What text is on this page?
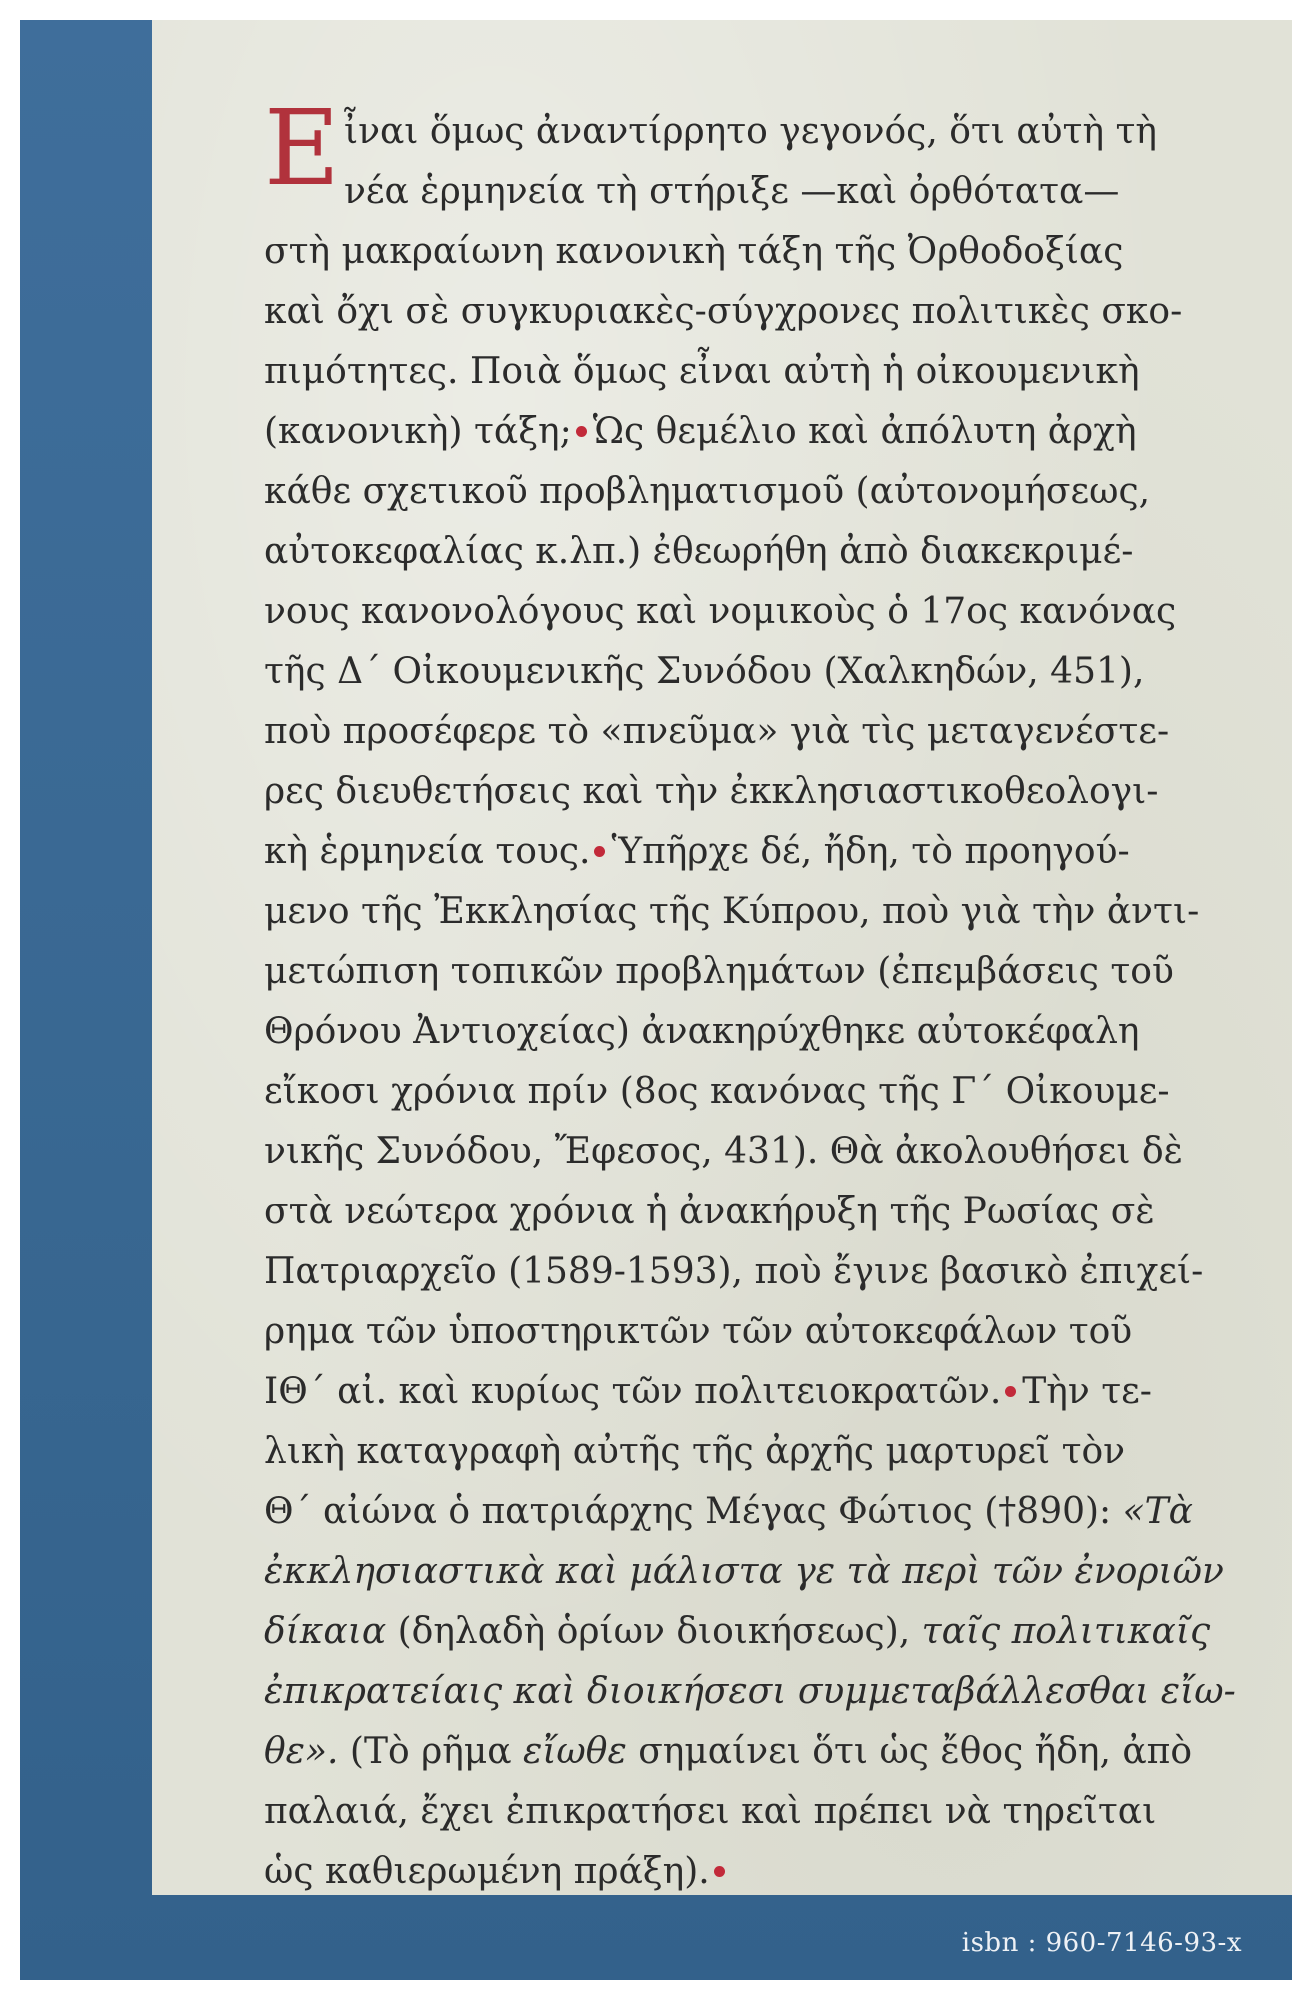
E ἶναι ὅμως ἀναντίρρητο γεγονός, ὅτι αὐτὴ τὴ
νέα ἑρμηνεία τὴ στήριξε —καὶ ὀρθότατα—
στὴ μακραίωνη κανονικὴ τάξη τῆς Ὀρθοδοξίας
καὶ ὄχι σὲ συγκυριακὲς-σύγχρονες πολιτικὲς σκο-
πιμότητες. Ποιὰ ὅμως εἶναι αὐτὴ ἡ οἰκουμενικὴ
(κανονικὴ) τάξη; Ὡς θεμέλιο καὶ ἀπόλυτη ἀρχὴ
κάθε σχετικοῦ προβληματισμοῦ (αὐτονομήσεως,
αὐτοκεφαλίας κ.λπ.) ἐθεωρήθη ἀπὸ διακεκριμέ-
νους κανονολόγους καὶ νομικοὺς ὁ 17ος κανόνας
τῆς Δ΄ Οἰκουμενικῆς Συνόδου (Χαλκηδών, 451),
ποὺ προσέφερε τὸ «πνεῦμα» γιὰ τὶς μεταγενέστε-
ρες διευθετήσεις καὶ τὴν ἐκκλησιαστικοθεολογι-
κὴ ἑρμηνεία τους. Ὑπῆρχε δέ, ἤδη, τὸ προηγού-
μενο τῆς Ἐκκλησίας τῆς Κύπρου, ποὺ γιὰ τὴν ἀντι-
μετώπιση τοπικῶν προβλημάτων (ἐπεμβάσεις τοῦ
Θρόνου Ἀντιοχείας) ἀνακηρύχθηκε αὐτοκέφαλη
εἴκοσι χρόνια πρίν (8ος κανόνας τῆς Γ΄ Οἰκουμε-
νικῆς Συνόδου, Ἔφεσος, 431). Θὰ ἀκολουθήσει δὲ
στὰ νεώτερα χρόνια ἡ ἀνακήρυξη τῆς Ρωσίας σὲ
Πατριαρχεῖο (1589-1593), ποὺ ἔγινε βασικὸ ἐπιχεί-
ρημα τῶν ὑποστηρικτῶν τῶν αὐτοκεφάλων τοῦ
ΙΘ΄ αἰ. καὶ κυρίως τῶν πολιτειοκρατῶν. Τὴν τε-
λικὴ καταγραφὴ αὐτῆς τῆς ἀρχῆς μαρτυρεῖ τὸν
Θ΄ αἰώνα ὁ πατριάρχης Μέγας Φώτιος (†890): «Τὰ
ἐκκλησιαστικὰ καὶ μάλιστα γε τὰ περὶ τῶν ἐνοριῶν
δίκαια (δηλαδὴ ὁρίων διοικήσεως), ταῖς πολιτικαῖς
ἐπικρατείαις καὶ διοικήσεσι συμμεταβάλλεσθαι εἴω-
θε». (Τὸ ρῆμα εἴωθε σημαίνει ὅτι ὡς ἔθος ἤδη, ἀπὸ
παλαιά, ἔχει ἐπικρατήσει καὶ πρέπει νὰ τηρεῖται
ὡς καθιερωμένη πράξη).
isbn : 960-7146-93-x
